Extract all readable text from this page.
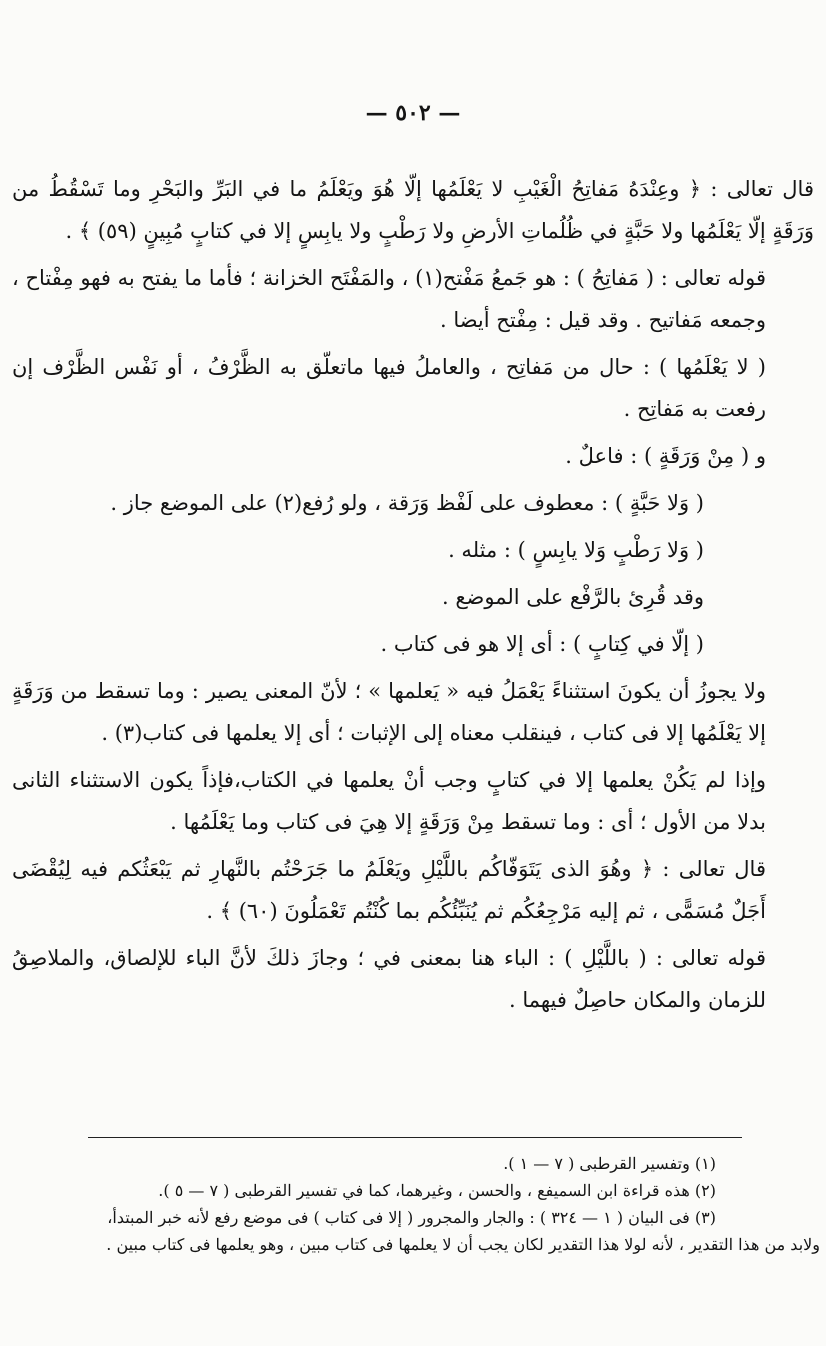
— ٥٠٢ —

قال تعالى : ﴿ وعِنْدَهُ مَفاتِحُ الْغَيْبِ لا يَعْلَمُها إلّا هُوَ ويَعْلَمُ ما في البَرِّ والبَحْرِ وما تَسْقُطُ من وَرَقَةٍ إلّا يَعْلَمُها ولا حَبَّةٍ في ظُلُماتِ الأرضِ ولا رَطْبٍ ولا يابِسٍ إلا في كتابٍ مُبِينٍ (٥٩) ﴾ .

قوله تعالى : ( مَفاتِحُ ) : هو جَمعُ مَفْتح(١) ، والمَفْتَح الخزانة ؛ فأما ما يفتح به فهو مِفْتاح ، وجمعه مَفاتيح . وقد قيل : مِفْتح أيضا .

( لا يَعْلَمُها ) : حال من مَفاتِح ، والعاملُ فيها ماتعلّق به الظَّرْفُ ، أو نَفْس الظَّرْف إن رفعت به مَفاتِح .

و ( مِنْ وَرَقَةٍ ) : فاعلٌ .

( وَلا حَبَّةٍ ) : معطوف على لَفْظ وَرَقة ، ولو رُفع(٢) على الموضع جاز .

( وَلا رَطْبٍ وَلا يابِسٍ ) : مثله .

وقد قُرِئ بالرَّفْع على الموضع .

( إلّا في كِتابٍ ) : أى إلا هو فى كتاب .

ولا يجوزُ أن يكونَ استثناءً يَعْمَلُ فيه « يَعلمها » ؛ لأنّ المعنى يصير : وما تسقط من وَرَقَةٍ إلا يَعْلَمُها إلا فى كتاب ، فينقلب معناه إلى الإثبات ؛ أى إلا يعلمها فى كتاب(٣) .

وإذا لم يَكُنْ يعلمها إلا في كتابٍ وجب أنْ يعلمها في الكتاب،فإذاً يكون الاستثناء الثانى بدلا من الأول ؛ أى : وما تسقط مِنْ وَرَقَةٍ إلا هِيَ فى كتاب وما يَعْلَمُها .

قال تعالى : ﴿ وهُوَ الذى يَتَوَفّاكُم باللَّيْلِ ويَعْلَمُ ما جَرَحْتُم بالنَّهارِ ثم يَبْعَثُكم فيه لِيُقْضَى أَجَلٌ مُسَمًّى ، ثم إليه مَرْجِعُكُم ثم يُنَبِّئُكُم بما كُنْتُم تَعْمَلُونَ (٦٠) ﴾ .

قوله تعالى : ( باللَّيْلِ ) : الباء هنا بمعنى في ؛ وجازَ ذلكَ لأنَّ الباء للإلصاق، والملاصِقُ للزمان والمكان حاصِلٌ فيهما .

(١) وتفسير القرطبى ( ٧ — ١ ).

(٢) هذه قراءة ابن السميفع ، والحسن ، وغيرهما، كما في تفسير القرطبى ( ٧ — ٥ ).

(٣) فى البيان ( ١ — ٣٢٤ ) : والجار والمجرور ( إلا فى كتاب ) فى موضع رفع لأنه خبر المبتدأ،

ولابد من هذا التقدير ، لأنه لولا هذا التقدير لكان يجب أن لا يعلمها فى كتاب مبين ، وهو يعلمها فى كتاب مبين .
